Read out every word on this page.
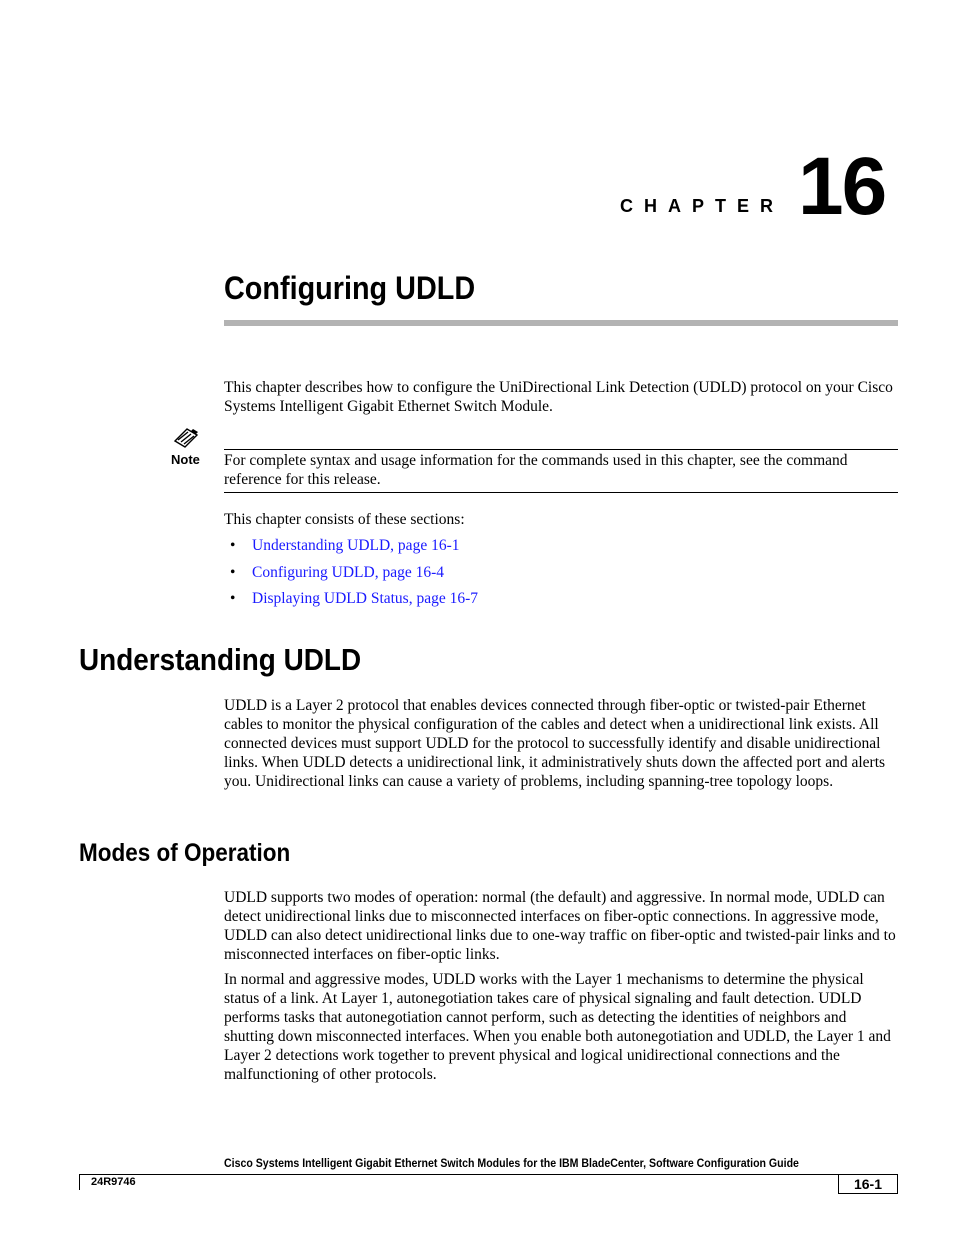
CHAPTER 16
Configuring UDLD

This chapter describes how to configure the UniDirectional Link Detection (UDLD) protocol on your Cisco Systems Intelligent Gigabit Ethernet Switch Module.

Note For complete syntax and usage information for the commands used in this chapter, see the command reference for this release.

This chapter consists of these sections:

•	Understanding UDLD, page 16-1
•	Configuring UDLD, page 16-4
•	Displaying UDLD Status, page 16-7
Understanding UDLD

UDLD is a Layer 2 protocol that enables devices connected through fiber-optic or twisted-pair Ethernet cables to monitor the physical configuration of the cables and detect when a unidirectional link exists. All connected devices must support UDLD for the protocol to successfully identify and disable unidirectional links. When UDLD detects a unidirectional link, it administratively shuts down the affected port and alerts you. Unidirectional links can cause a variety of problems, including spanning-tree topology loops.

Modes of Operation

UDLD supports two modes of operation: normal (the default) and aggressive. In normal mode, UDLD can detect unidirectional links due to misconnected interfaces on fiber-optic connections. In aggressive mode, UDLD can also detect unidirectional links due to one-way traffic on fiber-optic and twisted-pair links and to misconnected interfaces on fiber-optic links.

In normal and aggressive modes, UDLD works with the Layer 1 mechanisms to determine the physical status of a link. At Layer 1, autonegotiation takes care of physical signaling and fault detection. UDLD performs tasks that autonegotiation cannot perform, such as detecting the identities of neighbors and shutting down misconnected interfaces. When you enable both autonegotiation and UDLD, the Layer 1 and Layer 2 detections work together to prevent physical and logical unidirectional connections and the malfunctioning of other protocols.

Cisco Systems Intelligent Gigabit Ethernet Switch Modules for the IBM BladeCenter, Software Configuration Guide
24R9746	16-1
